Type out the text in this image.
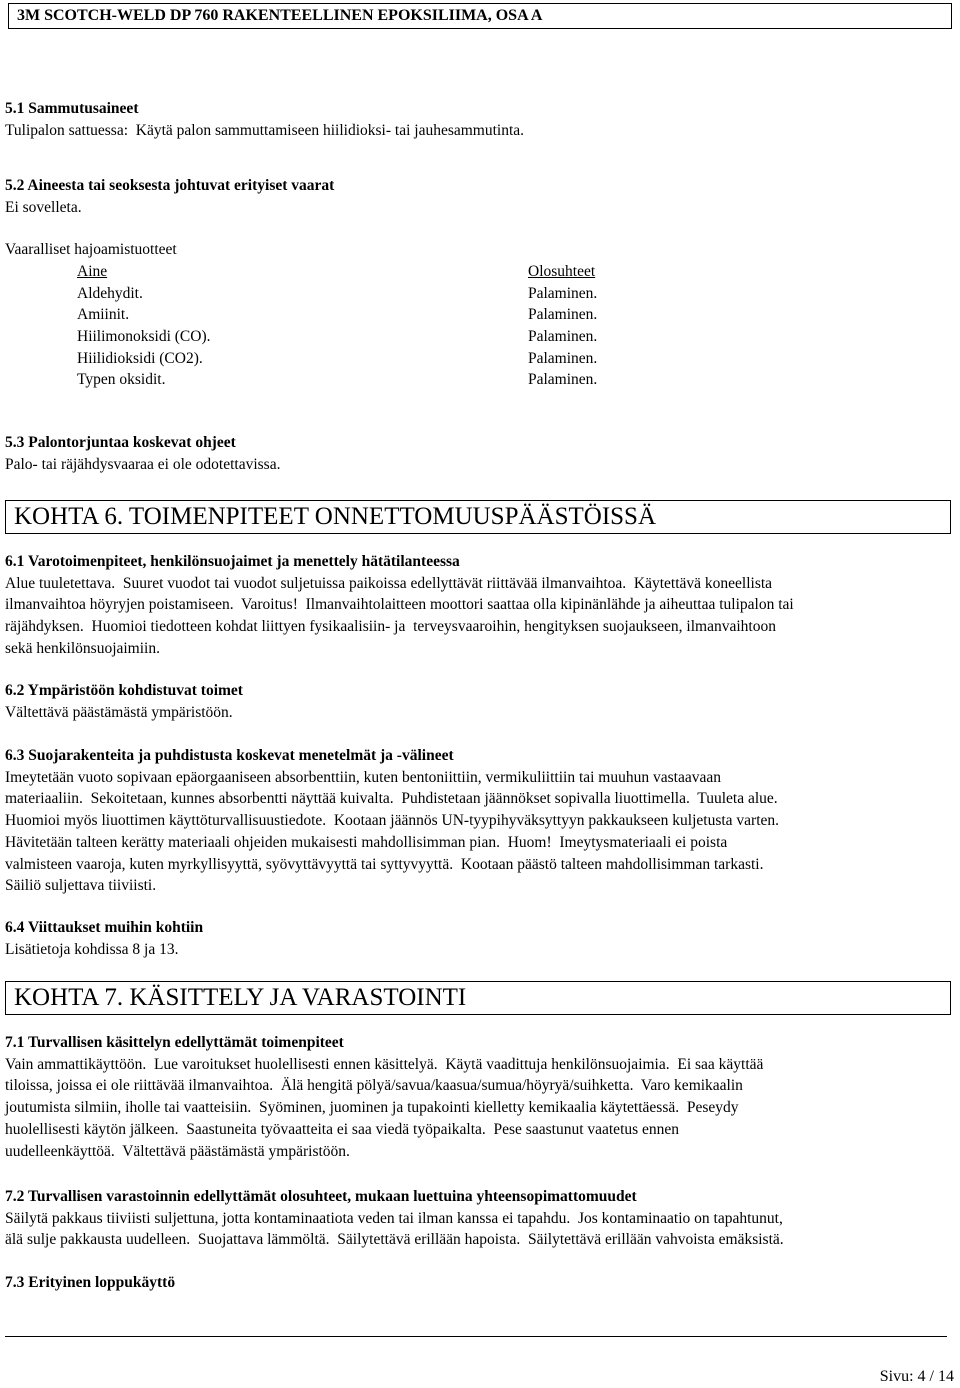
3M SCOTCH-WELD DP 760 RAKENTEELLINEN EPOKSILIIMA, OSA A
5.1 Sammutusaineet
Tulipalon sattuessa:  Käytä palon sammuttamiseen hiilidioksi- tai jauhesammutinta.
5.2 Aineesta tai seoksesta johtuvat erityiset vaarat
Ei sovelleta.
Vaaralliset hajoamistuotteet
Aine
Aldehydit.
Amiinit.
Hiilimonoksidi (CO).
Hiilidioksidi (CO2).
Typen oksidit.
Olosuhteet
Palaminen.
Palaminen.
Palaminen.
Palaminen.
Palaminen.
5.3 Palontorjuntaa koskevat ohjeet
Palo- tai räjähdysvaaraa ei ole odotettavissa.
KOHTA 6. TOIMENPITEET ONNETTOMUUSPÄÄSTÖISSÄ
6.1 Varotoimenpiteet, henkilönsuojaimet ja menettely hätätilanteessa
Alue tuuletettava.  Suuret vuodot tai vuodot suljetuissa paikoissa edellyttävät riittävää ilmanvaihtoa.  Käytettävä koneellista
ilmanvaihtoa höyryjen poistamiseen.  Varoitus!  Ilmanvaihtolaitteen moottori saattaa olla kipinänlähde ja aiheuttaa tulipalon tai
räjähdyksen.  Huomioi tiedotteen kohdat liittyen fysikaalisiin- ja  terveysvaaroihin, hengityksen suojaukseen, ilmanvaihtoon
sekä henkilönsuojaimiin.
6.2 Ympäristöön kohdistuvat toimet
Vältettävä päästämästä ympäristöön.
6.3 Suojarakenteita ja puhdistusta koskevat menetelmät ja -välineet
Imeytetään vuoto sopivaan epäorgaaniseen absorbenttiin, kuten bentoniittiin, vermikuliittiin tai muuhun vastaavaan
materiaaliin.  Sekoitetaan, kunnes absorbentti näyttää kuivalta.  Puhdistetaan jäännökset sopivalla liuottimella.  Tuuleta alue.
Huomioi myös liuottimen käyttöturvallisuustiedote.  Kootaan jäännös UN-tyypihyväksyttyyn pakkaukseen kuljetusta varten.
Hävitetään talteen kerätty materiaali ohjeiden mukaisesti mahdollisimman pian.  Huom!  Imeytysmateriaali ei poista
valmisteen vaaroja, kuten myrkyllisyyttä, syövyttävyyttä tai syttyvyyttä.  Kootaan päästö talteen mahdollisimman tarkasti.
Säiliö suljettava tiiviisti.
6.4 Viittaukset muihin kohtiin
Lisätietoja kohdissa 8 ja 13.
KOHTA 7. KÄSITTELY JA VARASTOINTI
7.1 Turvallisen käsittelyn edellyttämät toimenpiteet
Vain ammattikäyttöön.  Lue varoitukset huolellisesti ennen käsittelyä.  Käytä vaadittuja henkilönsuojaimia.  Ei saa käyttää
tiloissa, joissa ei ole riittävää ilmanvaihtoa.  Älä hengitä pölyä/savua/kaasua/sumua/höyryä/suihketta.  Varo kemikaalin
joutumista silmiin, iholle tai vaatteisiin.  Syöminen, juominen ja tupakointi kielletty kemikaalia käytettäessä.  Peseydy
huolellisesti käytön jälkeen.  Saastuneita työvaatteita ei saa viedä työpaikalta.  Pese saastunut vaatetus ennen
uudelleenkäyttöä.  Vältettävä päästämästä ympäristöön.
7.2 Turvallisen varastoinnin edellyttämät olosuhteet, mukaan luettuina yhteensopimattomuudet
Säilytä pakkaus tiiviisti suljettuna, jotta kontaminaatiota veden tai ilman kanssa ei tapahdu.  Jos kontaminaatio on tapahtunut,
älä sulje pakkausta uudelleen.  Suojattava lämmöltä.  Säilytettävä erillään hapoista.  Säilytettävä erillään vahvoista emäksistä.
7.3 Erityinen loppukäyttö
Sivu: 4 / 14
